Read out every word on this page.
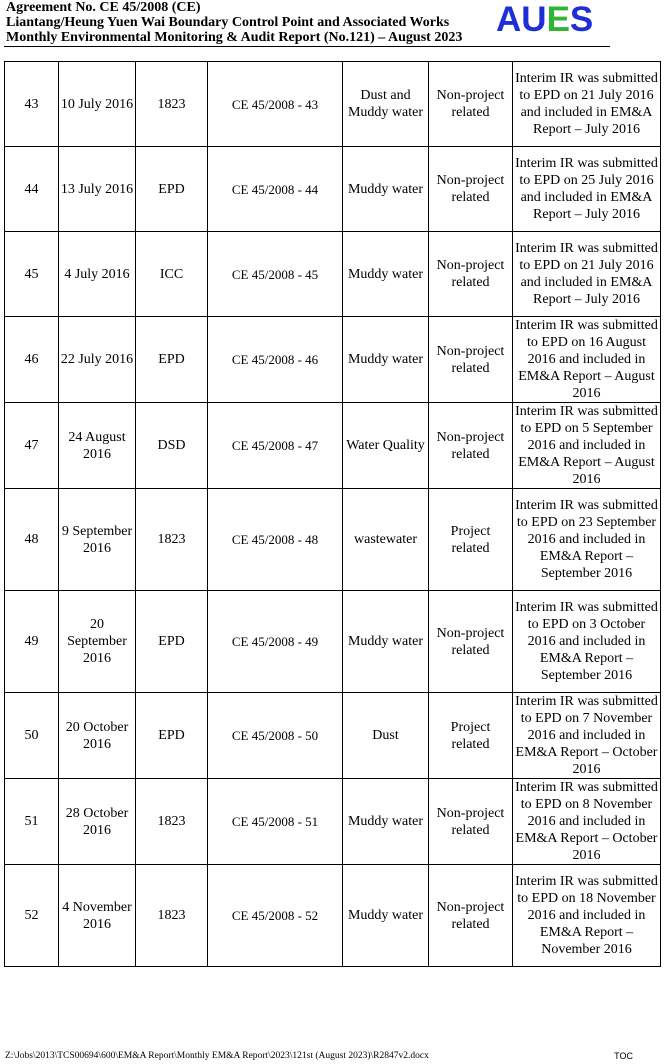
Agreement No. CE 45/2008 (CE)
Liantang/Heung Yuen Wai Boundary Control Point and Associated Works
Monthly Environmental Monitoring & Audit Report (No.121) – August 2023 AUES
43	10 July 2016	1823	CE 45/2008 - 43	Dust and Muddy water	Non-project related	Interim IR was submitted to EPD on 21 July 2016 and included in EM&A Report – July 2016
44	13 July 2016	EPD	CE 45/2008 - 44	Muddy water	Non-project related	Interim IR was submitted to EPD on 25 July 2016 and included in EM&A Report – July 2016
45	4 July 2016	ICC	CE 45/2008 - 45	Muddy water	Non-project related	Interim IR was submitted to EPD on 21 July 2016 and included in EM&A Report – July 2016
46	22 July 2016	EPD	CE 45/2008 - 46	Muddy water	Non-project related	Interim IR was submitted to EPD on 16 August 2016 and included in EM&A Report – August 2016
47	24 August 2016	DSD	CE 45/2008 - 47	Water Quality	Non-project related	Interim IR was submitted to EPD on 5 September 2016 and included in EM&A Report – August 2016
48	9 September 2016	1823	CE 45/2008 - 48	wastewater	Project related	Interim IR was submitted to EPD on 23 September 2016 and included in EM&A Report – September 2016
49	20 September 2016	EPD	CE 45/2008 - 49	Muddy water	Non-project related	Interim IR was submitted to EPD on 3 October 2016 and included in EM&A Report – September 2016
50	20 October 2016	EPD	CE 45/2008 - 50	Dust	Project related	Interim IR was submitted to EPD on 7 November 2016 and included in EM&A Report – October 2016
51	28 October 2016	1823	CE 45/2008 - 51	Muddy water	Non-project related	Interim IR was submitted to EPD on 8 November 2016 and included in EM&A Report – October 2016
52	4 November 2016	1823	CE 45/2008 - 52	Muddy water	Non-project related	Interim IR was submitted to EPD on 18 November 2016 and included in EM&A Report – November 2016
Z:\Jobs\2013\TCS00694\600\EM&A Report\Monthly EM&A Report\2023\121st (August 2023)\R2847v2.docx	TOC
